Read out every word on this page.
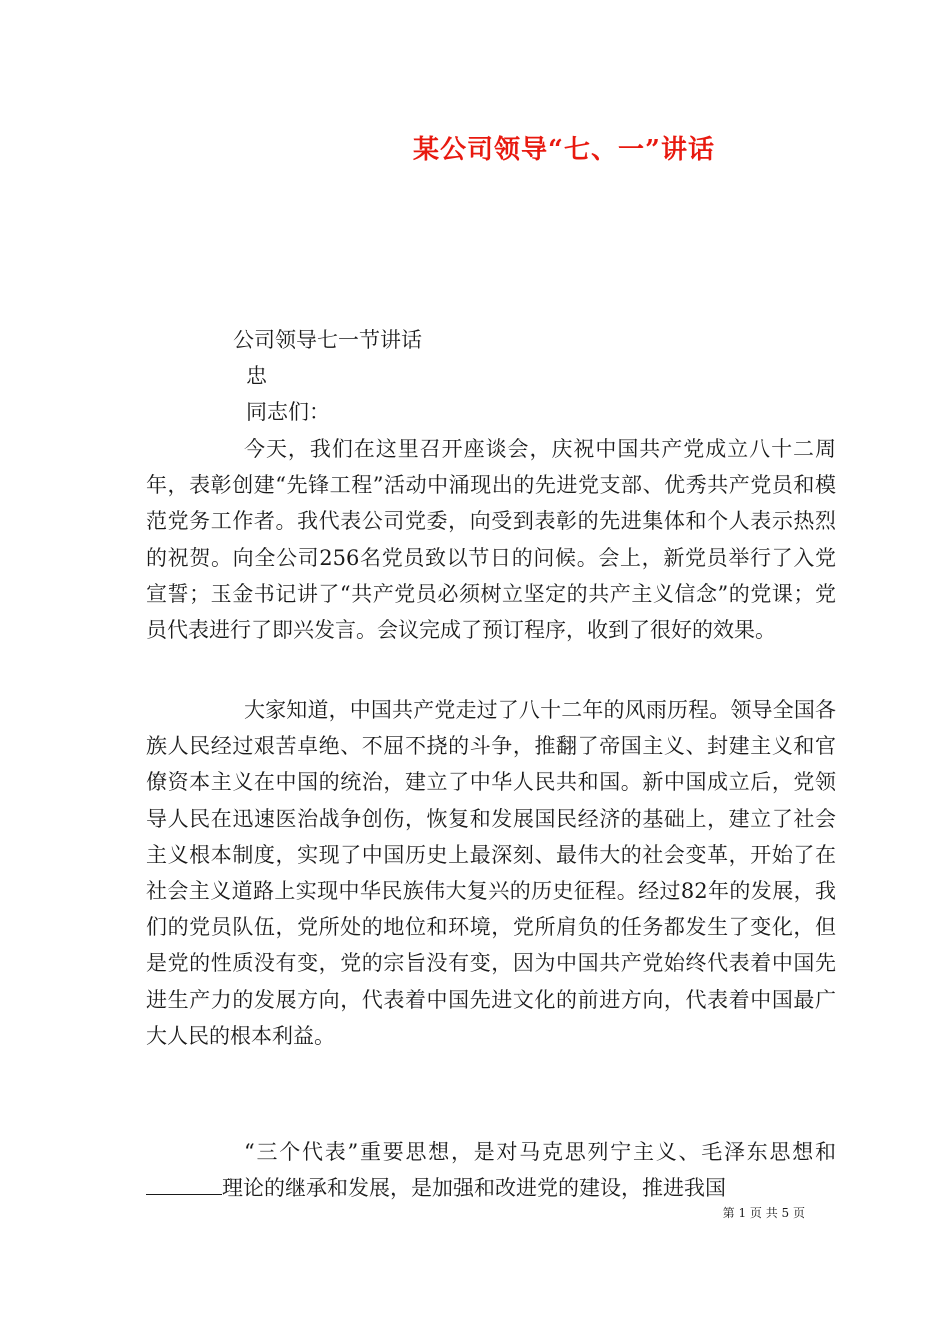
某公司领导“七、一”讲话
公司领导七一节讲话
忠
同志们：

今天，我们在这里召开座谈会，庆祝中国共产党成立八十二周年，表彰创建“先锋工程”活动中涌现出的先进党支部、优秀共产党员和模范党务工作者。我代表公司党委，向受到表彰的先进集体和个人表示热烈的祝贺。向全公司256名党员致以节日的问候。会上，新党员举行了入党宣誓；玉金书记讲了“共产党员必须树立坚定的共产主义信念”的党课；党员代表进行了即兴发言。会议完成了预订程序，收到了很好的效果。

大家知道，中国共产党走过了八十二年的风雨历程。领导全国各族人民经过艰苦卓绝、不屈不挠的斗争，推翻了帝国主义、封建主义和官僚资本主义在中国的统治，建立了中华人民共和国。新中国成立后，党领导人民在迅速医治战争创伤，恢复和发展国民经济的基础上，建立了社会主义根本制度，实现了中国历史上最深刻、最伟大的社会变革，开始了在社会主义道路上实现中华民族伟大复兴的历史征程。经过82年的发展，我们的党员队伍，党所处的地位和环境，党所肩负的任务都发生了变化，但是党的性质没有变，党的宗旨没有变，因为中国共产党始终代表着中国先进生产力的发展方向，代表着中国先进文化的前进方向，代表着中国最广大人民的根本利益。

“三个代表”重要思想，是对马克思列宁主义、毛泽东思想和理论的继承和发展，是加强和改进党的建设，推进我国

第 1 页 共 5 页
